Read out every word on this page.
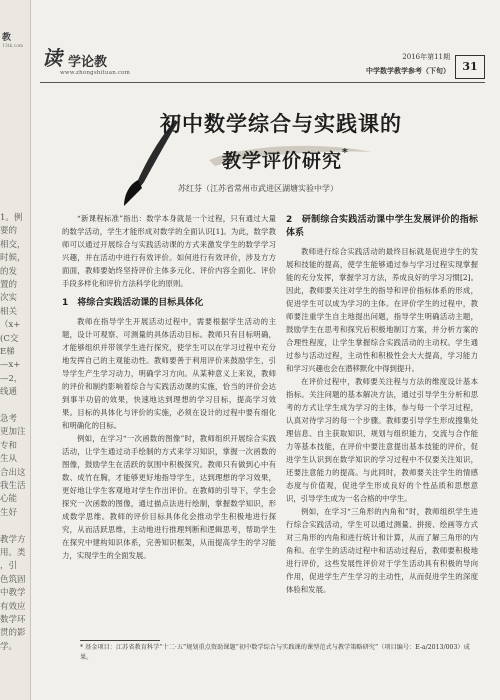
教
13tk.com
1。例
要的
相交，
时候，
的发
置的
次实
相关
（x+
(C交
E梯
—x+
—2，
线通
急考
更加注
专和
生从
合出这
我生活
心能
生好
教学方
用。类
，引
色筑固
中教学
有效应
数学环
贯的影
学。
读 学论教
www.zhongshituan.com
2016年第11期
中学数学教学参考（下旬）	31
初中数学综合与实践课的
教学评价研究*
苏红芬（江苏省常州市武进区湖塘实验中学）

“新课程标准”指出：数学本身就是一个过程，只有通过大量的数学活动，学生才能形成对数学的全面认识[1]。为此，数学教师可以通过开展综合与实践活动课的方式来激发学生的数学学习兴趣，并在活动中进行有效评价。如何进行有效评价，涉及方方面面，教师要始终坚持评价主体多元化、评价内容全面化、评价手段多样化和评价方法科学化的原则。

1　将综合实践活动课的目标具体化

教师在指导学生开展活动过程中，需要根据学生活动的主题，设计可观察、可测量的具体活动目标。教师只有目标明确，才能够组织并带领学生进行探究，使学生可以在学习过程中充分地发挥自己的主观能动性。教师要善于利用评价来鼓励学生，引导学生产生学习动力，明确学习方向。从某种意义上来说，教师的评价和制约影响着综合与实践活动课的实施，恰当的评价会达到事半功倍的效果，快速地达到理想的学习目标，提高学习效果。目标的具体化与评价的实施，必须在设计的过程中要有细化和明确化的目标。

例如，在学习“一次函数的图像”时，教师组织开展综合实践活动，让学生通过动手绘制的方式来学习知识，掌握一次函数的图像，鼓励学生在活跃的氛围中积极探究。教师只有做到心中有数、成竹在胸，才能够更好地指导学生，达到理想的学习效果，更好地让学生客观地对学生作出评价。在教师的引导下，学生会探究一次函数的图像，通过描点法进行绘制，掌握数学知识，形成数学思维。教师的评价目标具体化会推动学生积极地进行探究，从而活跃思维，主动地进行推理判断和逻辑思考，帮助学生在探究中建构知识体系，完善知识框架，从而提高学生的学习能力，实现学生的全面发展。

2　研制综合实践活动课中学生发展评价的指标体系

教师进行综合实践活动的最终目标就是促进学生的发展和技能的提高，使学生能够通过参与学习过程实现掌握能的充分发挥，掌握学习方法，养成良好的学习习惯[2]。因此，教师要关注对学生的指导和评价指标体系的形成，促进学生可以成为学习的主体。在评价学生的过程中，教师要注重学生自主地提出问题，指导学生明确活动主题，鼓励学生在思考和探究后积极地制订方案，并分析方案的合理性程度，让学生掌握综合实践活动的主动权。学生通过参与活动过程，主动性和积极性会大大提高，学习能力和学习兴趣也会在潜移默化中得到提升。

在评价过程中，教师要关注程与方法的维度设计基本指标。关注问题的基本解决方法，通过引导学生分析和思考的方式让学生成为学习的主体，参与每一个学习过程，认真对待学习的每一个步骤。教师要引导学生形成搜集处理信息、自主获取知识、规划与组织能力，交流与合作能力等基本技能，在评价中要注意提出基本技能的评价，促进学生认识到在数学知识的学习过程中不仅要关注知识，还要注意能力的提高。与此同时，教师要关注学生的情感态度与价值观，促进学生形成良好的个性品质和思想意识，引导学生成为一名合格的中学生。

例如，在学习“三角形的内角和”时，教师组织学生进行综合实践活动，学生可以通过测量、拼接、绘画等方式对三角形的内角和进行统计和计算，从而了解三角形的内角和。在学生的活动过程中和活动过程后，教师要积极地进行评价，这些发展性评价对于学生活动具有积极的导向作用，促进学生产生学习的主动性，从而促进学生的深度体验和发展。

* 基金项目：江苏省教育科学“十二·五”规划重点资助课题“初中数学综合与实践课的课型范式与教学策略研究”（项目编号：E-a/2013/003）成果。
